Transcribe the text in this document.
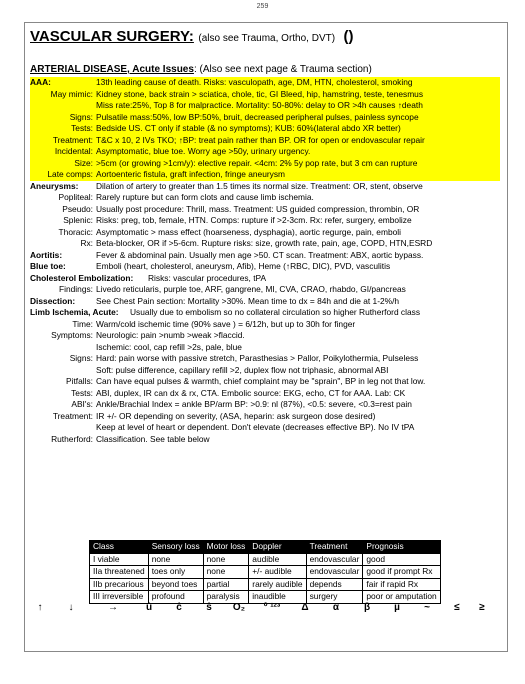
259
VASCULAR SURGERY: (also see Trauma, Ortho, DVT) ()
ARTERIAL DISEASE, Acute Issues: (Also see next page & Trauma section)
AAA:	13th leading cause of death. Risks: vasculopath, age, DM, HTN, cholesterol, smoking
May mimic: Kidney stone, back strain > sciatica, chole, tic, GI Bleed, hip, hamstring, teste, tenesmus
Miss rate:25%, Top 8 for malpractice. Mortality: 50-80%: delay to OR >4h causes ↑death
Signs: Pulsatile mass:50%, low BP:50%, bruit, decreased peripheral pulses, painless syncope
Tests: Bedside US. CT only if stable (& no symptoms); KUB: 60%(lateral abdo XR better)
Treatment: T&C x 10, 2 IVs TKO; ↑BP: treat pain rather than BP. OR for open or endovascular repair
Incidental: Asymptomatic, blue toe. Worry age >50y, urinary urgency.
Size: >5cm (or growing >1cm/y): elective repair. <4cm: 2% 5y pop rate, but 3 cm can rupture
Late comps: Aortoenteric fistula, graft infection, fringe aneurysm
Aneurysms:	Dilation of artery to greater than 1.5 times its normal size. Treatment: OR, stent, observe
Popliteal: Rarely rupture but can form clots and cause limb ischemia.
Pseudo: Usually post procedure: Thrill, mass. Treatment: US guided compression, thrombin, OR
Splenic: Risks: preg, tob, female, HTN. Comps: rupture if >2-3cm. Rx: refer, surgery, embolize
Thoracic: Asymptomatic > mass effect (hoarseness, dysphagia), aortic regurge, pain, emboli
Rx: Beta-blocker, OR if >5-6cm. Rupture risks: size, growth rate, pain, age, COPD, HTN,ESRD
Aortitis:	Fever & abdominal pain. Usually men age >50. CT scan. Treatment: ABX, aortic bypass.
Blue toe:	Emboli (heart, cholesterol, aneurysm, Afib), Heme (↑RBC, DIC), PVD, vasculitis
Cholesterol Embolization:	Risks: vascular procedures, tPA
Findings: Livedo reticularis, purple toe, ARF, gangrene, MI, CVA, CRAO, rhabdo, GI/pancreas
Dissection:	See Chest Pain section: Mortality >30%. Mean time to dx = 84h and die at 1-2%/h
Limb Ischemia, Acute:	Usually due to embolism so no collateral circulation so higher Rutherford class
Time: Warm/cold ischemic time (90% save ) = 6/12h, but up to 30h for finger
Symptoms: Neurologic: pain >numb >weak >flaccid.
Ischemic: cool, cap refill >2s, pale, blue
Signs: Hard: pain worse with passive stretch, Parasthesias > Pallor, Poikylothermia, Pulseless
Soft: pulse difference, capillary refill >2, duplex flow not triphasic, abnormal ABI
Pitfalls: Can have equal pulses & warmth, chief complaint may be "sprain", BP in leg not that low.
Tests: ABI, duplex, IR can dx & rx, CTA. Embolic source: EKG, echo, CT for AAA. Lab: CK
ABI's: Ankle/Brachial Index = ankle BP/arm BP: >0.9: nl (87%), <0.5: severe, <0.3=rest pain
Treatment: IR +/- OR depending on severity, (ASA, heparin: ask surgeon dose desired)
Keep at level of heart or dependent. Don't elevate (decreases effective BP). No IV tPA
Rutherford: Classification. See table below
Class	Sensory loss	Motor loss	Doppler	Treatment	Prognosis
I viable	none	none	audible	endovascular	good
IIa threatened	toes only	none	+/- audible	endovascular	good if prompt Rx
IIb precarious	beyond toes	partial	rarely audible	depends	fair if rapid Rx
III irreversible	profound	paralysis	inaudible	surgery	poor or amputation
↑	↓	→	û	ĉ	ŝ	O₂	º ¹²³	Δ	α	β	µ	~	≤	≥
